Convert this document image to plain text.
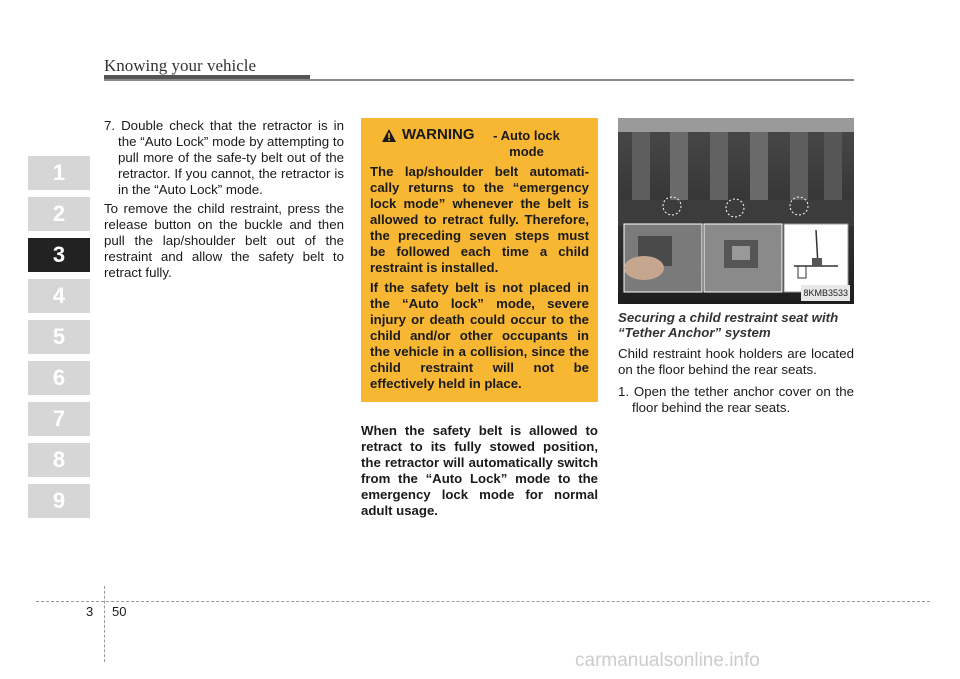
Knowing your vehicle
1
2
3
4
5
6
7
8
9

7. Double check that the retractor is in the “Auto Lock” mode by attempting to pull more of the safe-ty belt out of the retractor. If you cannot, the retractor is in the “Auto Lock” mode.

To remove the child restraint, press the release button on the buckle and then pull the lap/shoulder belt out of the restraint and allow the safety belt to retract fully.

WARNING	- Auto lock mode

The lap/shoulder belt automati-cally returns to the “emergency lock mode” whenever the belt is allowed to retract fully. Therefore, the preceding seven steps must be followed each time a child restraint is installed.

If the safety belt is not placed in the “Auto lock” mode, severe injury or death could occur to the child and/or other occupants in the vehicle in a collision, since the child restraint will not be effectively held in place.

When the safety belt is allowed to retract to its fully stowed position, the retractor will automatically switch from the “Auto Lock” mode to the emergency lock mode for normal adult usage.

8KMB3533

Securing a child restraint seat with “Tether Anchor” system

Child restraint hook holders are located on the floor behind the rear seats.

1. Open the tether anchor cover on the floor behind the rear seats.

3 50
carmanualsonline.info
